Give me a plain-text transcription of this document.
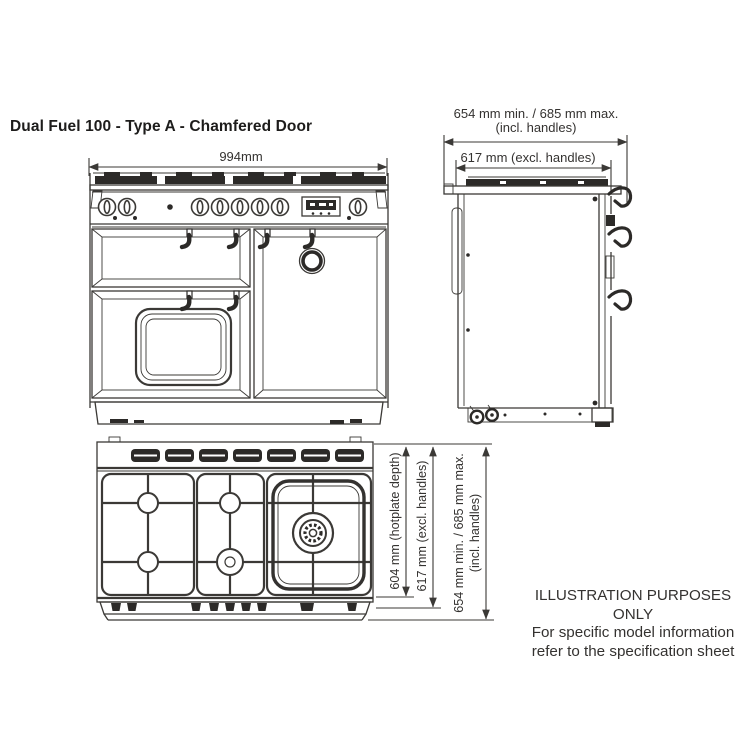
Dual Fuel 100 - Type A - Chamfered Door
994mm
654 mm min. / 685 mm max.
(incl. handles)
617 mm (excl. handles)
604 mm (hotplate depth) 617 mm (excl. handles) 654 mm min. / 685 mm max. (incl. handles)
ILLUSTRATION PURPOSES ONLY
For specific model information
refer to the specification sheet
